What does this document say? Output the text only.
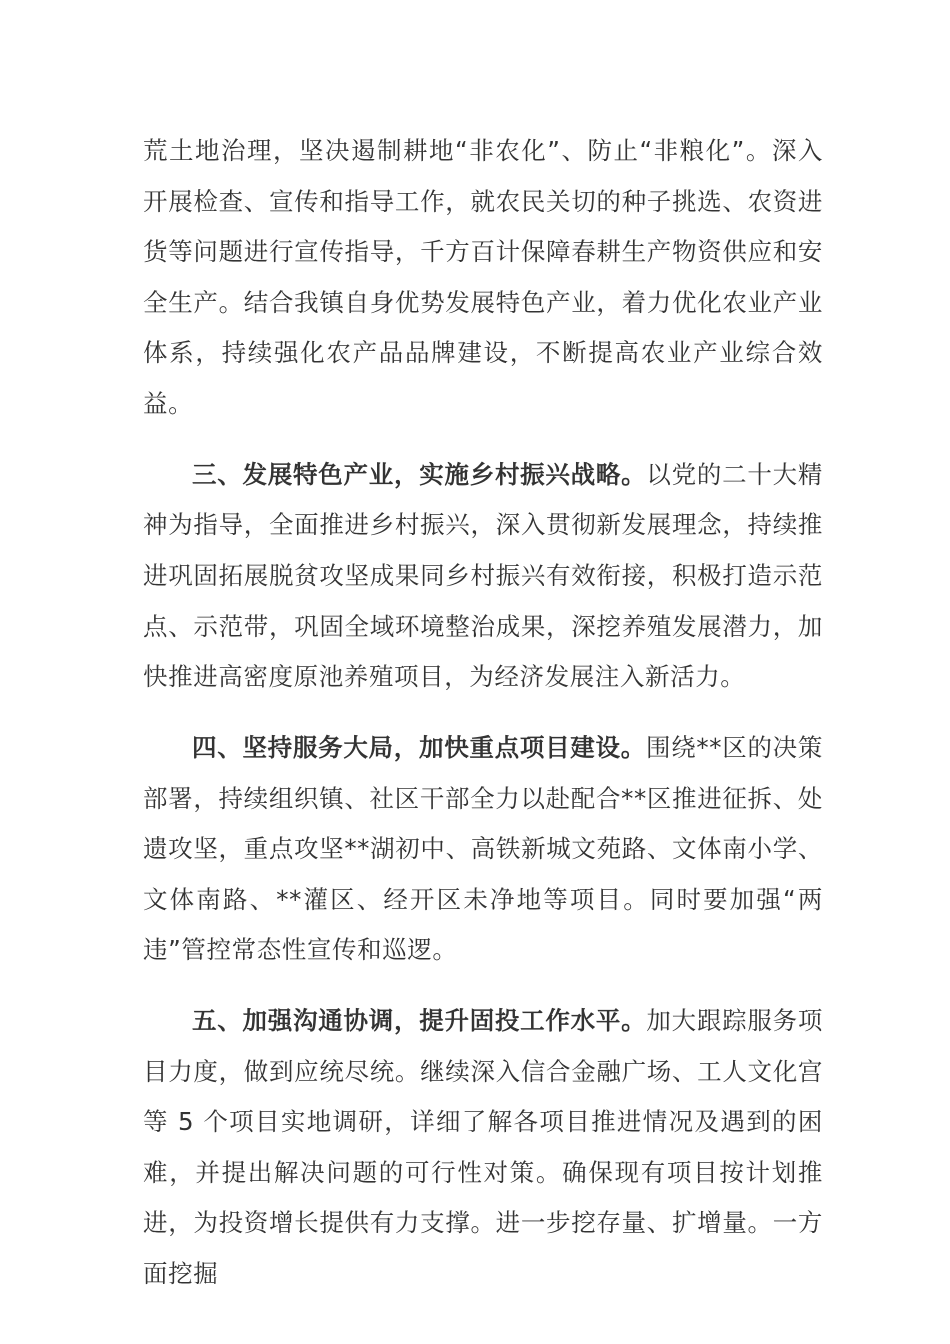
荒土地治理，坚决遏制耕地“非农化”、防止“非粮化”。深入开展检查、宣传和指导工作，就农民关切的种子挑选、农资进货等问题进行宣传指导，千方百计保障春耕生产物资供应和安全生产。结合我镇自身优势发展特色产业，着力优化农业产业体系，持续强化农产品品牌建设，不断提高农业产业综合效益。

三、发展特色产业，实施乡村振兴战略。以党的二十大精神为指导，全面推进乡村振兴，深入贯彻新发展理念，持续推进巩固拓展脱贫攻坚成果同乡村振兴有效衔接，积极打造示范点、示范带，巩固全域环境整治成果，深挖养殖发展潜力，加快推进高密度原池养殖项目，为经济发展注入新活力。

四、坚持服务大局，加快重点项目建设。围绕**区的决策部署，持续组织镇、社区干部全力以赴配合**区推进征拆、处遗攻坚，重点攻坚**湖初中、高铁新城文苑路、文体南小学、文体南路、**灌区、经开区未净地等项目。同时要加强“两违”管控常态性宣传和巡逻。

五、加强沟通协调，提升固投工作水平。加大跟踪服务项目力度，做到应统尽统。继续深入信合金融广场、工人文化宫等 5 个项目实地调研，详细了解各项目推进情况及遇到的困难，并提出解决问题的可行性对策。确保现有项目按计划推进，为投资增长提供有力支撑。进一步挖存量、扩增量。一方面挖掘
